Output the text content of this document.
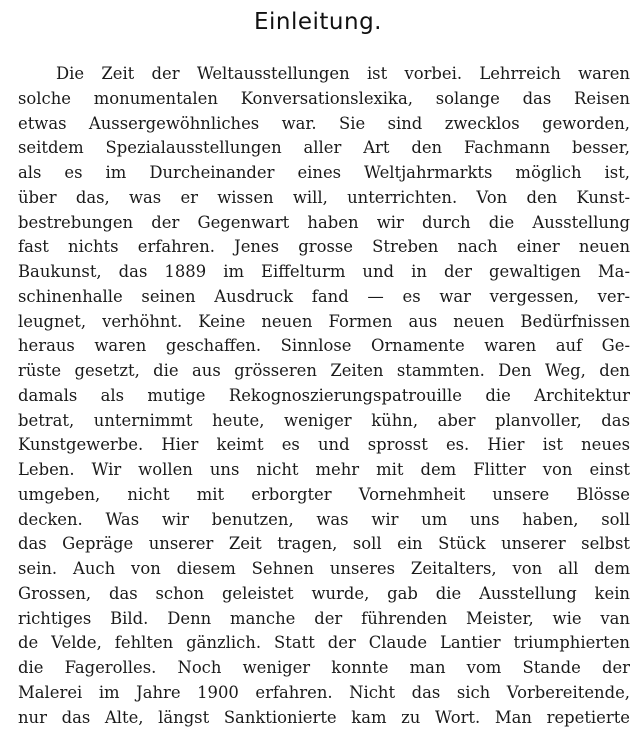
Einleitung.
Die Zeit der Weltausstellungen ist vorbei. Lehrreich waren
solche monumentalen Konversationslexika, solange das Reisen
etwas Aussergewöhnliches war. Sie sind zwecklos geworden,
seitdem Spezialausstellungen aller Art den Fachmann besser,
als es im Durcheinander eines Weltjahrmarkts möglich ist,
über das, was er wissen will, unterrichten. Von den Kunst-
bestrebungen der Gegenwart haben wir durch die Ausstellung
fast nichts erfahren. Jenes grosse Streben nach einer neuen
Baukunst, das 1889 im Eiffelturm und in der gewaltigen Ma-
schinenhalle seinen Ausdruck fand — es war vergessen, ver-
leugnet, verhöhnt. Keine neuen Formen aus neuen Bedürfnissen
heraus waren geschaffen. Sinnlose Ornamente waren auf Ge-
rüste gesetzt, die aus grösseren Zeiten stammten. Den Weg, den
damals als mutige Rekognoszierungspatrouille die Architektur
betrat, unternimmt heute, weniger kühn, aber planvoller, das
Kunstgewerbe. Hier keimt es und sprosst es. Hier ist neues
Leben. Wir wollen uns nicht mehr mit dem Flitter von einst
umgeben, nicht mit erborgter Vornehmheit unsere Blösse
decken. Was wir benutzen, was wir um uns haben, soll
das Gepräge unserer Zeit tragen, soll ein Stück unserer selbst
sein. Auch von diesem Sehnen unseres Zeitalters, von all dem
Grossen, das schon geleistet wurde, gab die Ausstellung kein
richtiges Bild. Denn manche der führenden Meister, wie van
de Velde, fehlten gänzlich. Statt der Claude Lantier triumphierten
die Fagerolles. Noch weniger konnte man vom Stande der
Malerei im Jahre 1900 erfahren. Nicht das sich Vorbereitende,
nur das Alte, längst Sanktionierte kam zu Wort. Man repetierte
